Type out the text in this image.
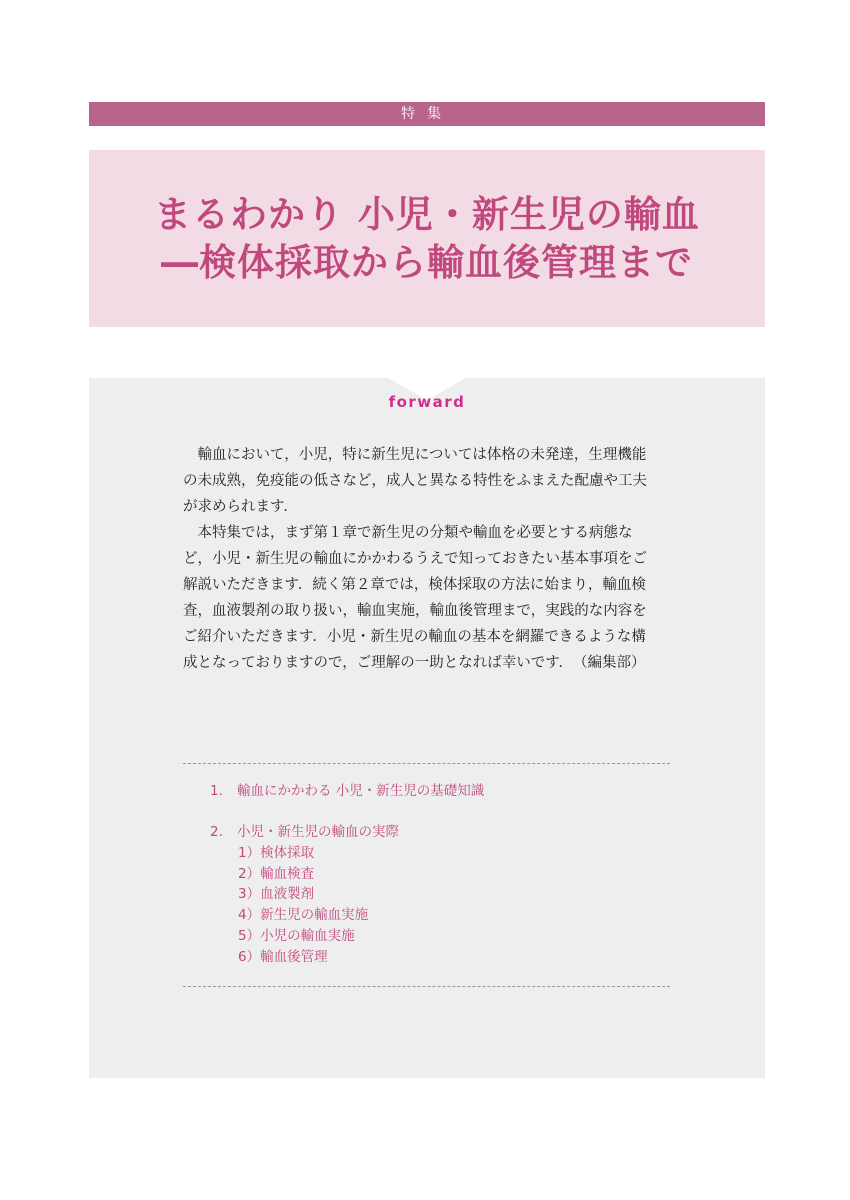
特集
まるわかり 小児・新生児の輸血
―検体採取から輸血後管理まで
forward

　輸血において，小児，特に新生児については体格の未発達，生理機能
の未成熟，免疫能の低さなど，成人と異なる特性をふまえた配慮や工夫
が求められます．
　本特集では，まず第１章で新生児の分類や輸血を必要とする病態な
ど，小児・新生児の輸血にかかわるうえで知っておきたい基本事項をご
解説いただきます．続く第２章では，検体採取の方法に始まり，輸血検
査，血液製剤の取り扱い，輸血実施，輸血後管理まで，実践的な内容を
ご紹介いただきます．小児・新生児の輸血の基本を網羅できるような構
成となっておりますので，ご理解の一助となれば幸いです．　（編集部）

1. 輸血にかかわる 小児・新生児の基礎知識
2. 小児・新生児の輸血の実際
1）検体採取
2）輸血検査
3）血液製剤
4）新生児の輸血実施
5）小児の輸血実施
6）輸血後管理
